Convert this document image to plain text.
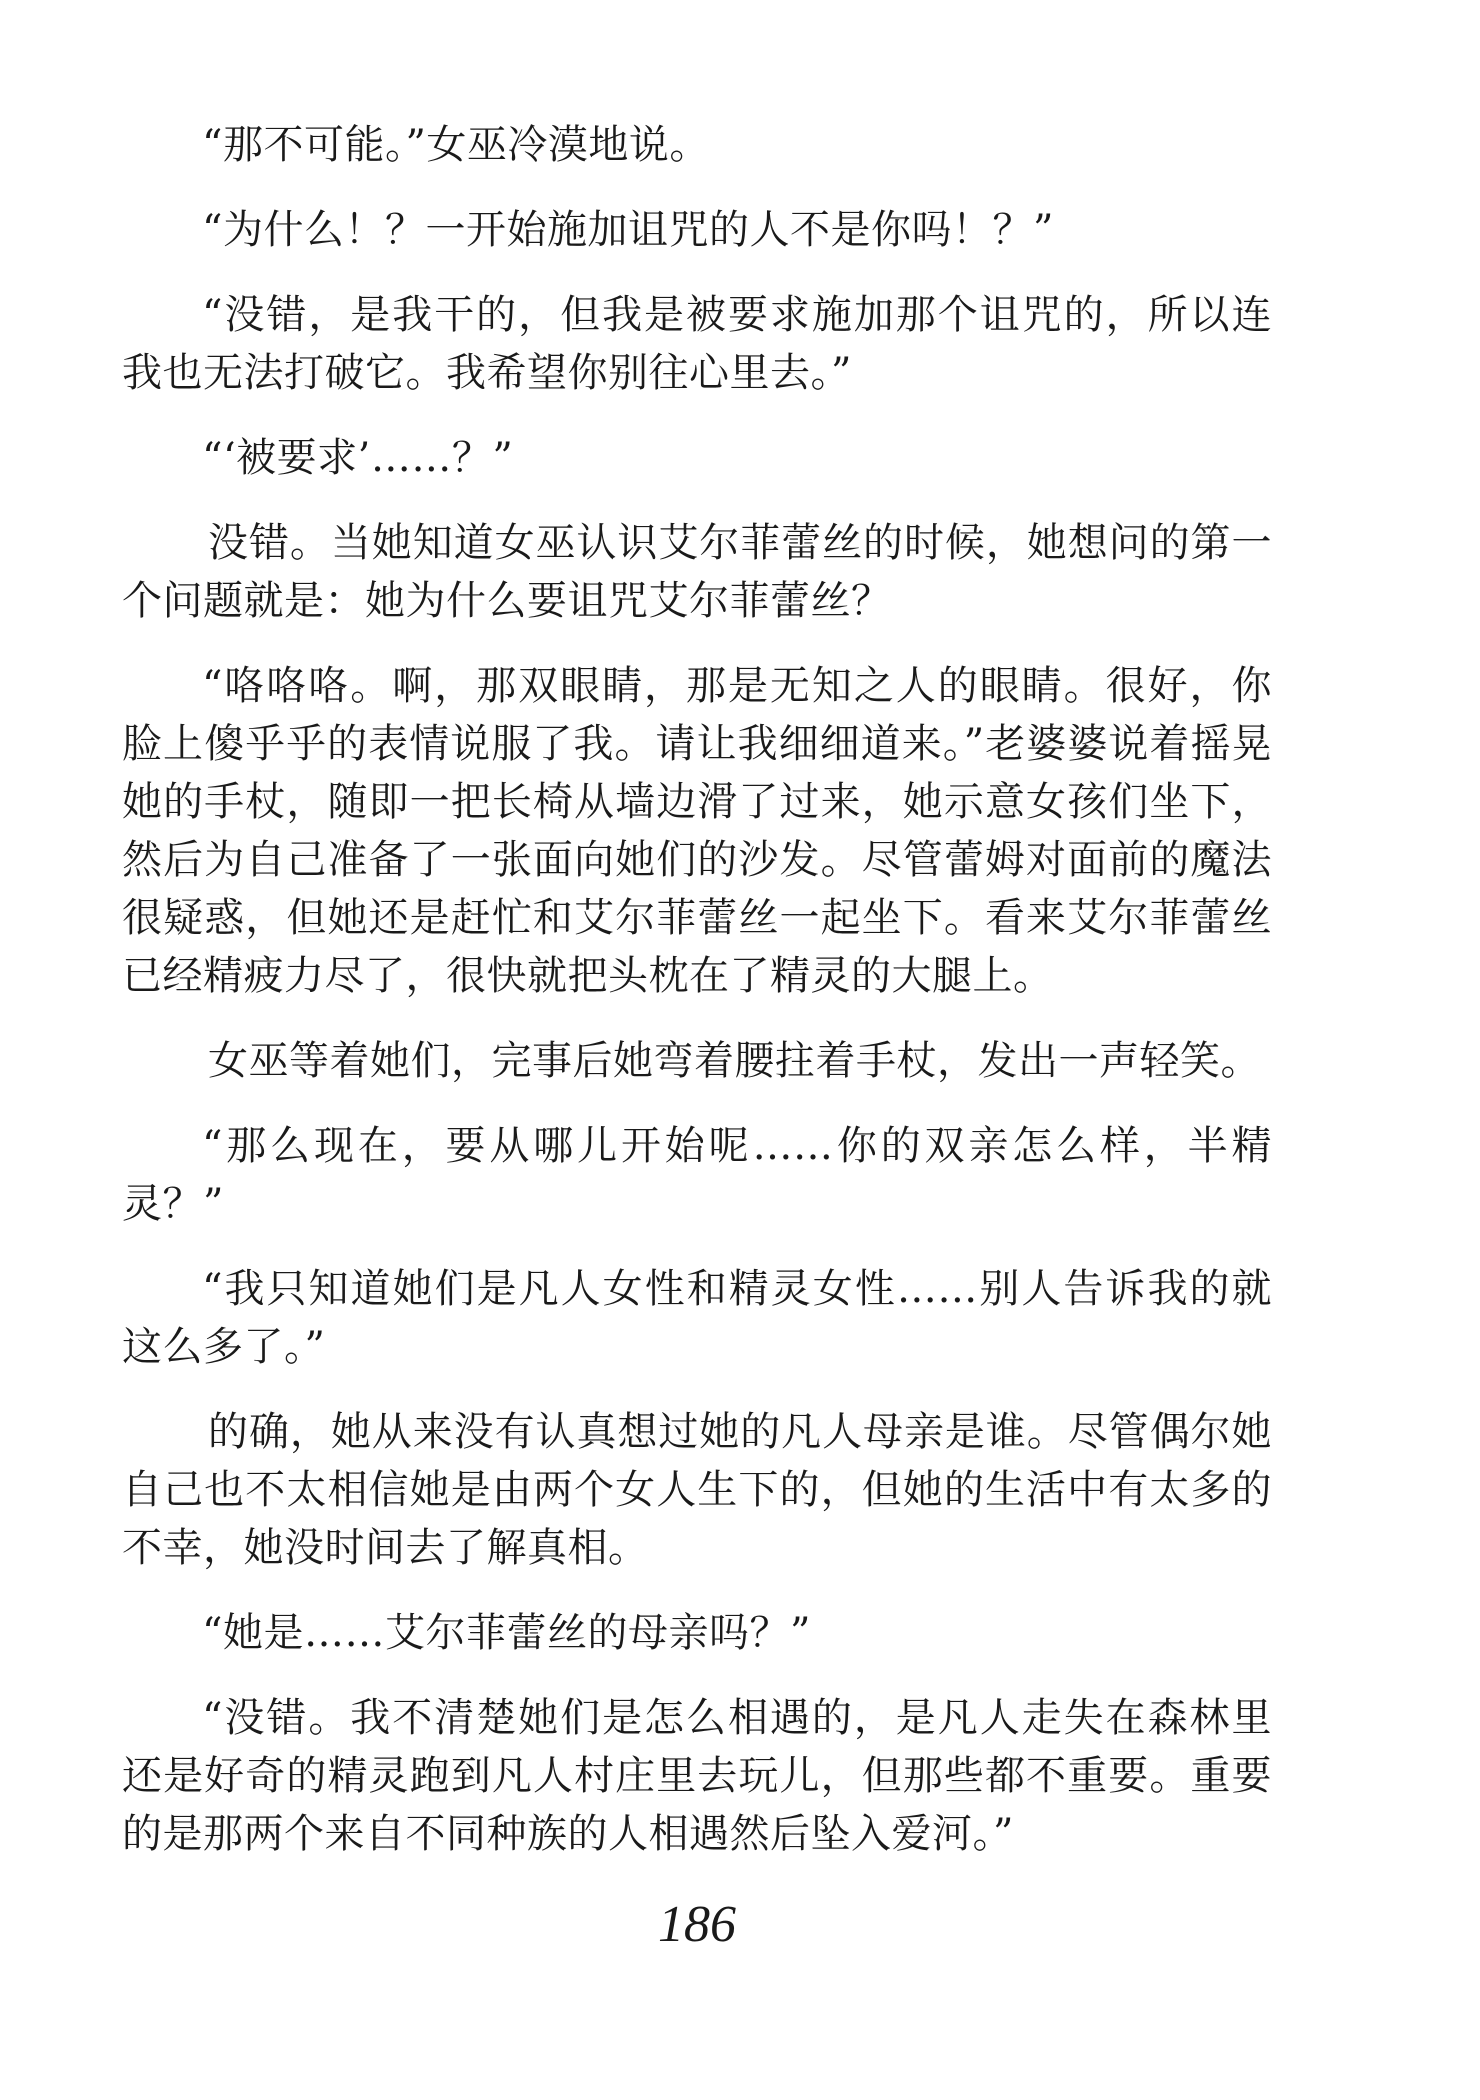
“那不可能。”女巫冷漠地说。

“为什么！？一开始施加诅咒的人不是你吗！？”

“没错，是我干的，但我是被要求施加那个诅咒的，所以连我也无法打破它。我希望你别往心里去。”

“‘被要求’……？”

没错。当她知道女巫认识艾尔菲蕾丝的时候，她想问的第一个问题就是：她为什么要诅咒艾尔菲蕾丝？

“咯咯咯。啊，那双眼睛，那是无知之人的眼睛。很好，你脸上傻乎乎的表情说服了我。请让我细细道来。”老婆婆说着摇晃她的手杖，随即一把长椅从墙边滑了过来，她示意女孩们坐下，然后为自己准备了一张面向她们的沙发。尽管蕾姆对面前的魔法很疑惑，但她还是赶忙和艾尔菲蕾丝一起坐下。看来艾尔菲蕾丝已经精疲力尽了，很快就把头枕在了精灵的大腿上。

女巫等着她们，完事后她弯着腰拄着手杖，发出一声轻笑。

“那么现在，要从哪儿开始呢……你的双亲怎么样，半精灵？”

“我只知道她们是凡人女性和精灵女性……别人告诉我的就这么多了。”

的确，她从来没有认真想过她的凡人母亲是谁。尽管偶尔她自己也不太相信她是由两个女人生下的，但她的生活中有太多的不幸，她没时间去了解真相。

“她是……艾尔菲蕾丝的母亲吗？”

“没错。我不清楚她们是怎么相遇的，是凡人走失在森林里还是好奇的精灵跑到凡人村庄里去玩儿，但那些都不重要。重要的是那两个来自不同种族的人相遇然后坠入爱河。”

186
